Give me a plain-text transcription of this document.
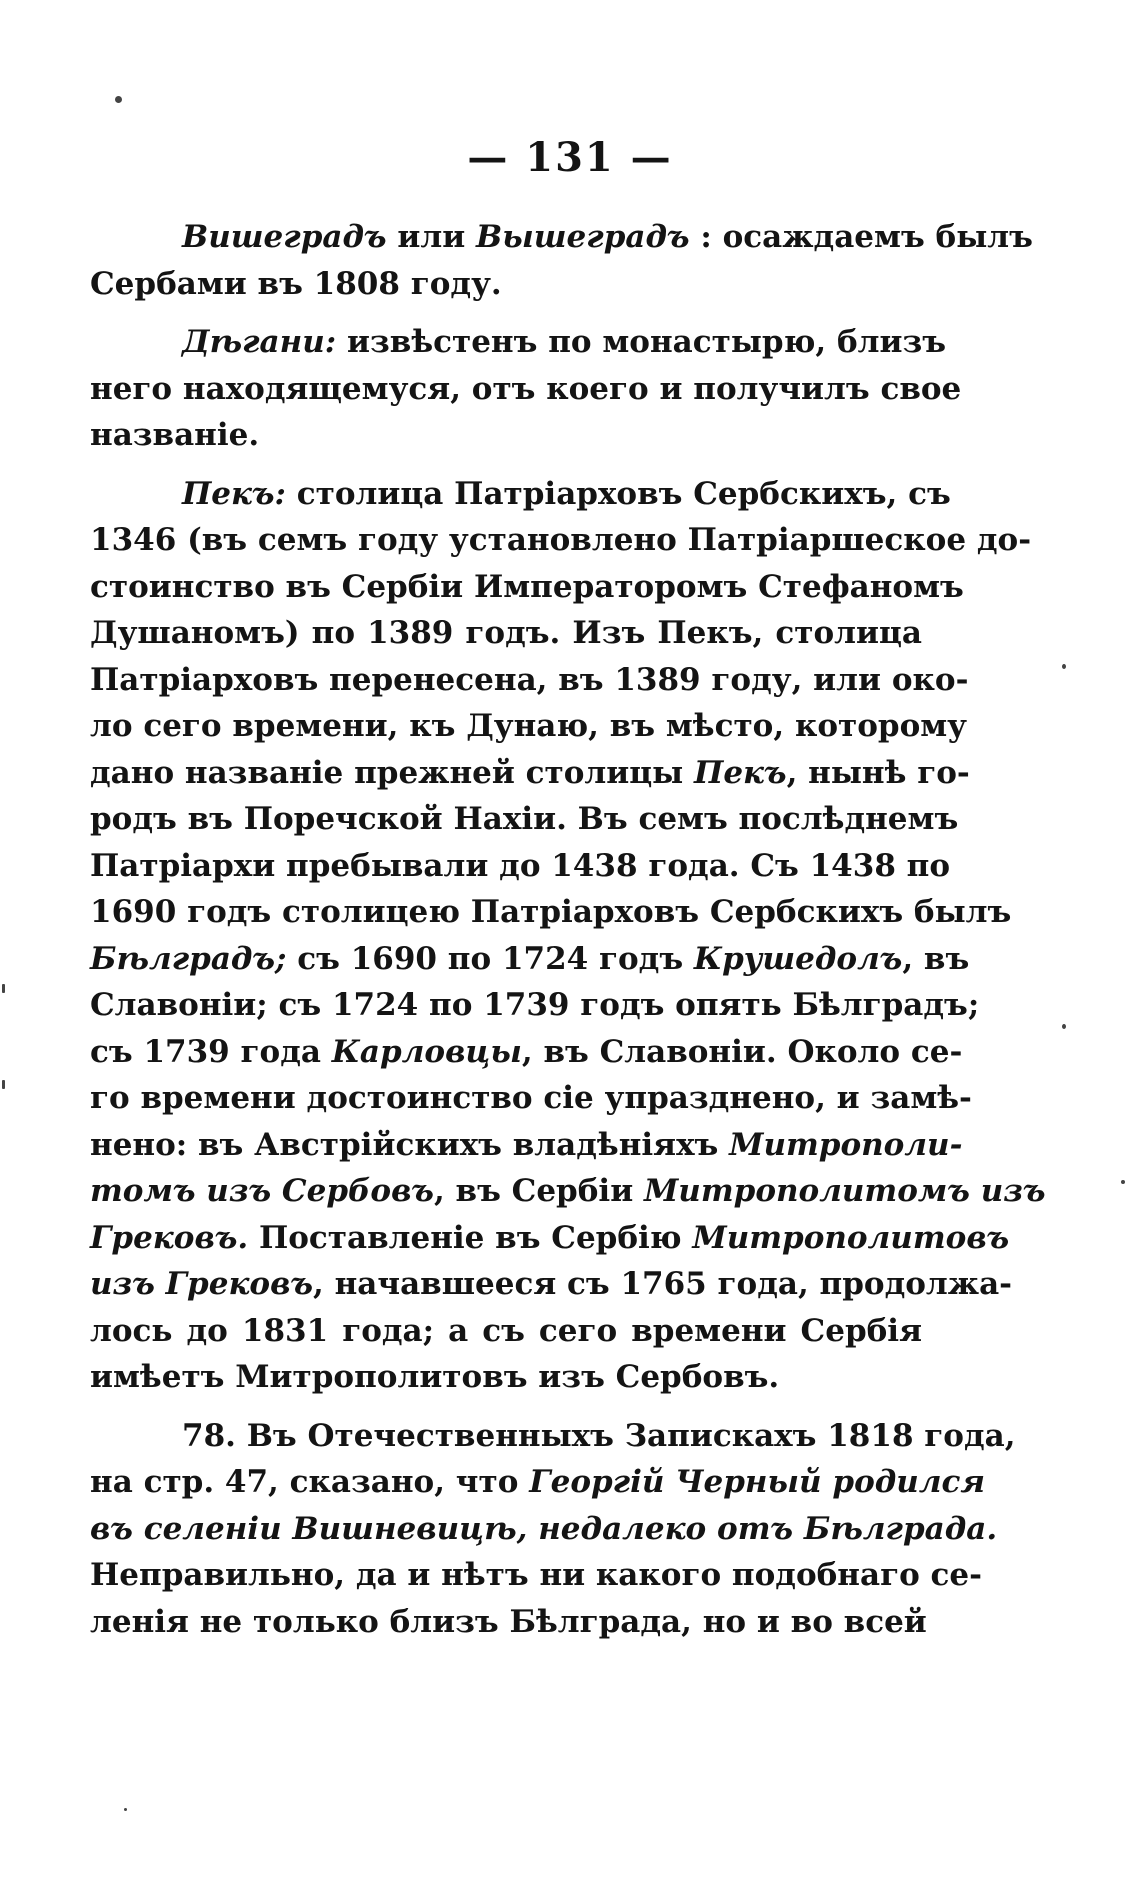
— 131 —
Вишеградъ или Вышеградъ : осаждаемъ былъ
Сербами въ 1808 году.
Дѣгани: извѣстенъ по монастырю, близъ
него находящемуся, отъ коего и получилъ свое
названіе.
Пекъ: столица Патріарховъ Сербскихъ, съ
1346 (въ семъ году установлено Патріаршеское до-
стоинство въ Сербіи Императоромъ Стефаномъ
Душаномъ) по 1389 годъ. Изъ Пекъ, столица
Патріарховъ перенесена, въ 1389 году, или око-
ло сего времени, къ Дунаю, въ мѣсто, которому
дано названіе прежней столицы Пекъ, нынѣ го-
родъ въ Поречской Нахіи. Въ семъ послѣднемъ
Патріархи пребывали до 1438 года. Съ 1438 по
1690 годъ столицею Патріарховъ Сербскихъ былъ
Бѣлградъ; съ 1690 по 1724 годъ Крушедолъ, въ
Славоніи; съ 1724 по 1739 годъ опять Бѣлградъ;
съ 1739 года Карловцы, въ Славоніи. Около се-
го времени достоинство сіе упразднено, и замѣ-
нено: въ Австрійскихъ владѣніяхъ Митрополи-
томъ изъ Сербовъ, въ Сербіи Митрополитомъ изъ
Грековъ. Поставленіе въ Сербію Митрополитовъ
изъ Грековъ, начавшееся съ 1765 года, продолжа-
лось до 1831 года; а съ сего времени Сербія
имѣетъ Митрополитовъ изъ Сербовъ.
78. Въ Отечественныхъ Запискахъ 1818 года,
на стр. 47, сказано, что Георгій Черный родился
въ селеніи Вишневицѣ, недалеко отъ Бѣлграда.
Неправильно, да и нѣтъ ни какого подобнаго се-
ленія не только близъ Бѣлграда, но и во всей
